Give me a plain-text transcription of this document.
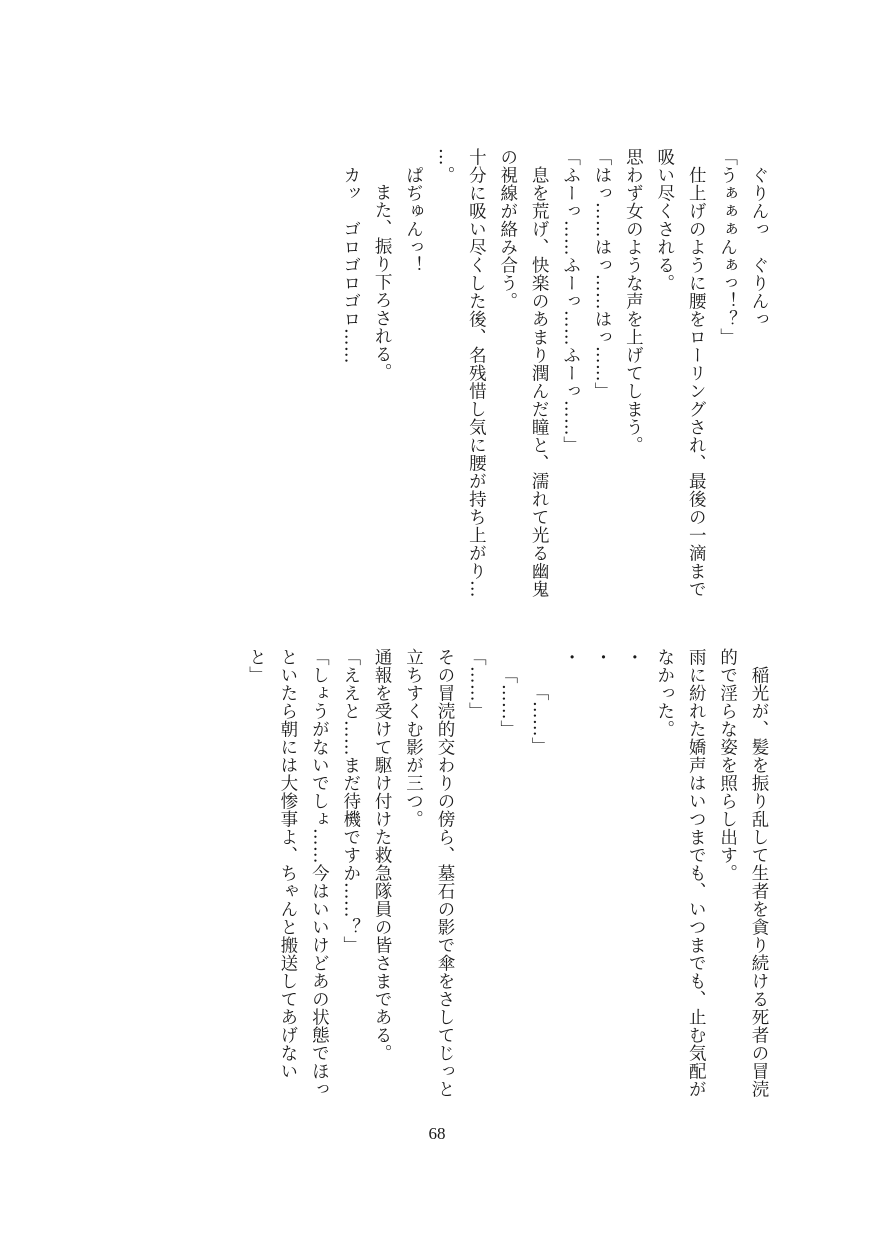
ぐりんっ　ぐりんっ
「うぁぁぁんぁっ！？」
仕上げのように腰をローリングされ、最後の一滴まで
吸い尽くされる。
思わず女のような声を上げてしまう。
「はっ……はっ……はっ……」
「ふーっ……ふーっ……ふーっ……」
息を荒げ、快楽のあまり潤んだ瞳と、濡れて光る幽鬼
の視線が絡み合う。
十分に吸い尽くした後、名残惜し気に腰が持ち上がり…
…。
ぱぢゅんっ！
また、振り下ろされる。
カッ　ゴロゴロゴロ……
稲光が、髪を振り乱して生者を貪り続ける死者の冒涜
的で淫らな姿を照らし出す。
雨に紛れた嬌声はいつまでも、いつまでも、止む気配が
なかった。
・
・
・
「……」
「……」
「……」
その冒涜的交わりの傍ら、墓石の影で傘をさしてじっと
立ちすくむ影が三つ。
通報を受けて駆け付けた救急隊員の皆さまである。
「ええと……まだ待機ですか……？」
「しょうがないでしょ……今はいいけどあの状態でほっ
といたら朝には大惨事よ、ちゃんと搬送してあげない
と」
68
